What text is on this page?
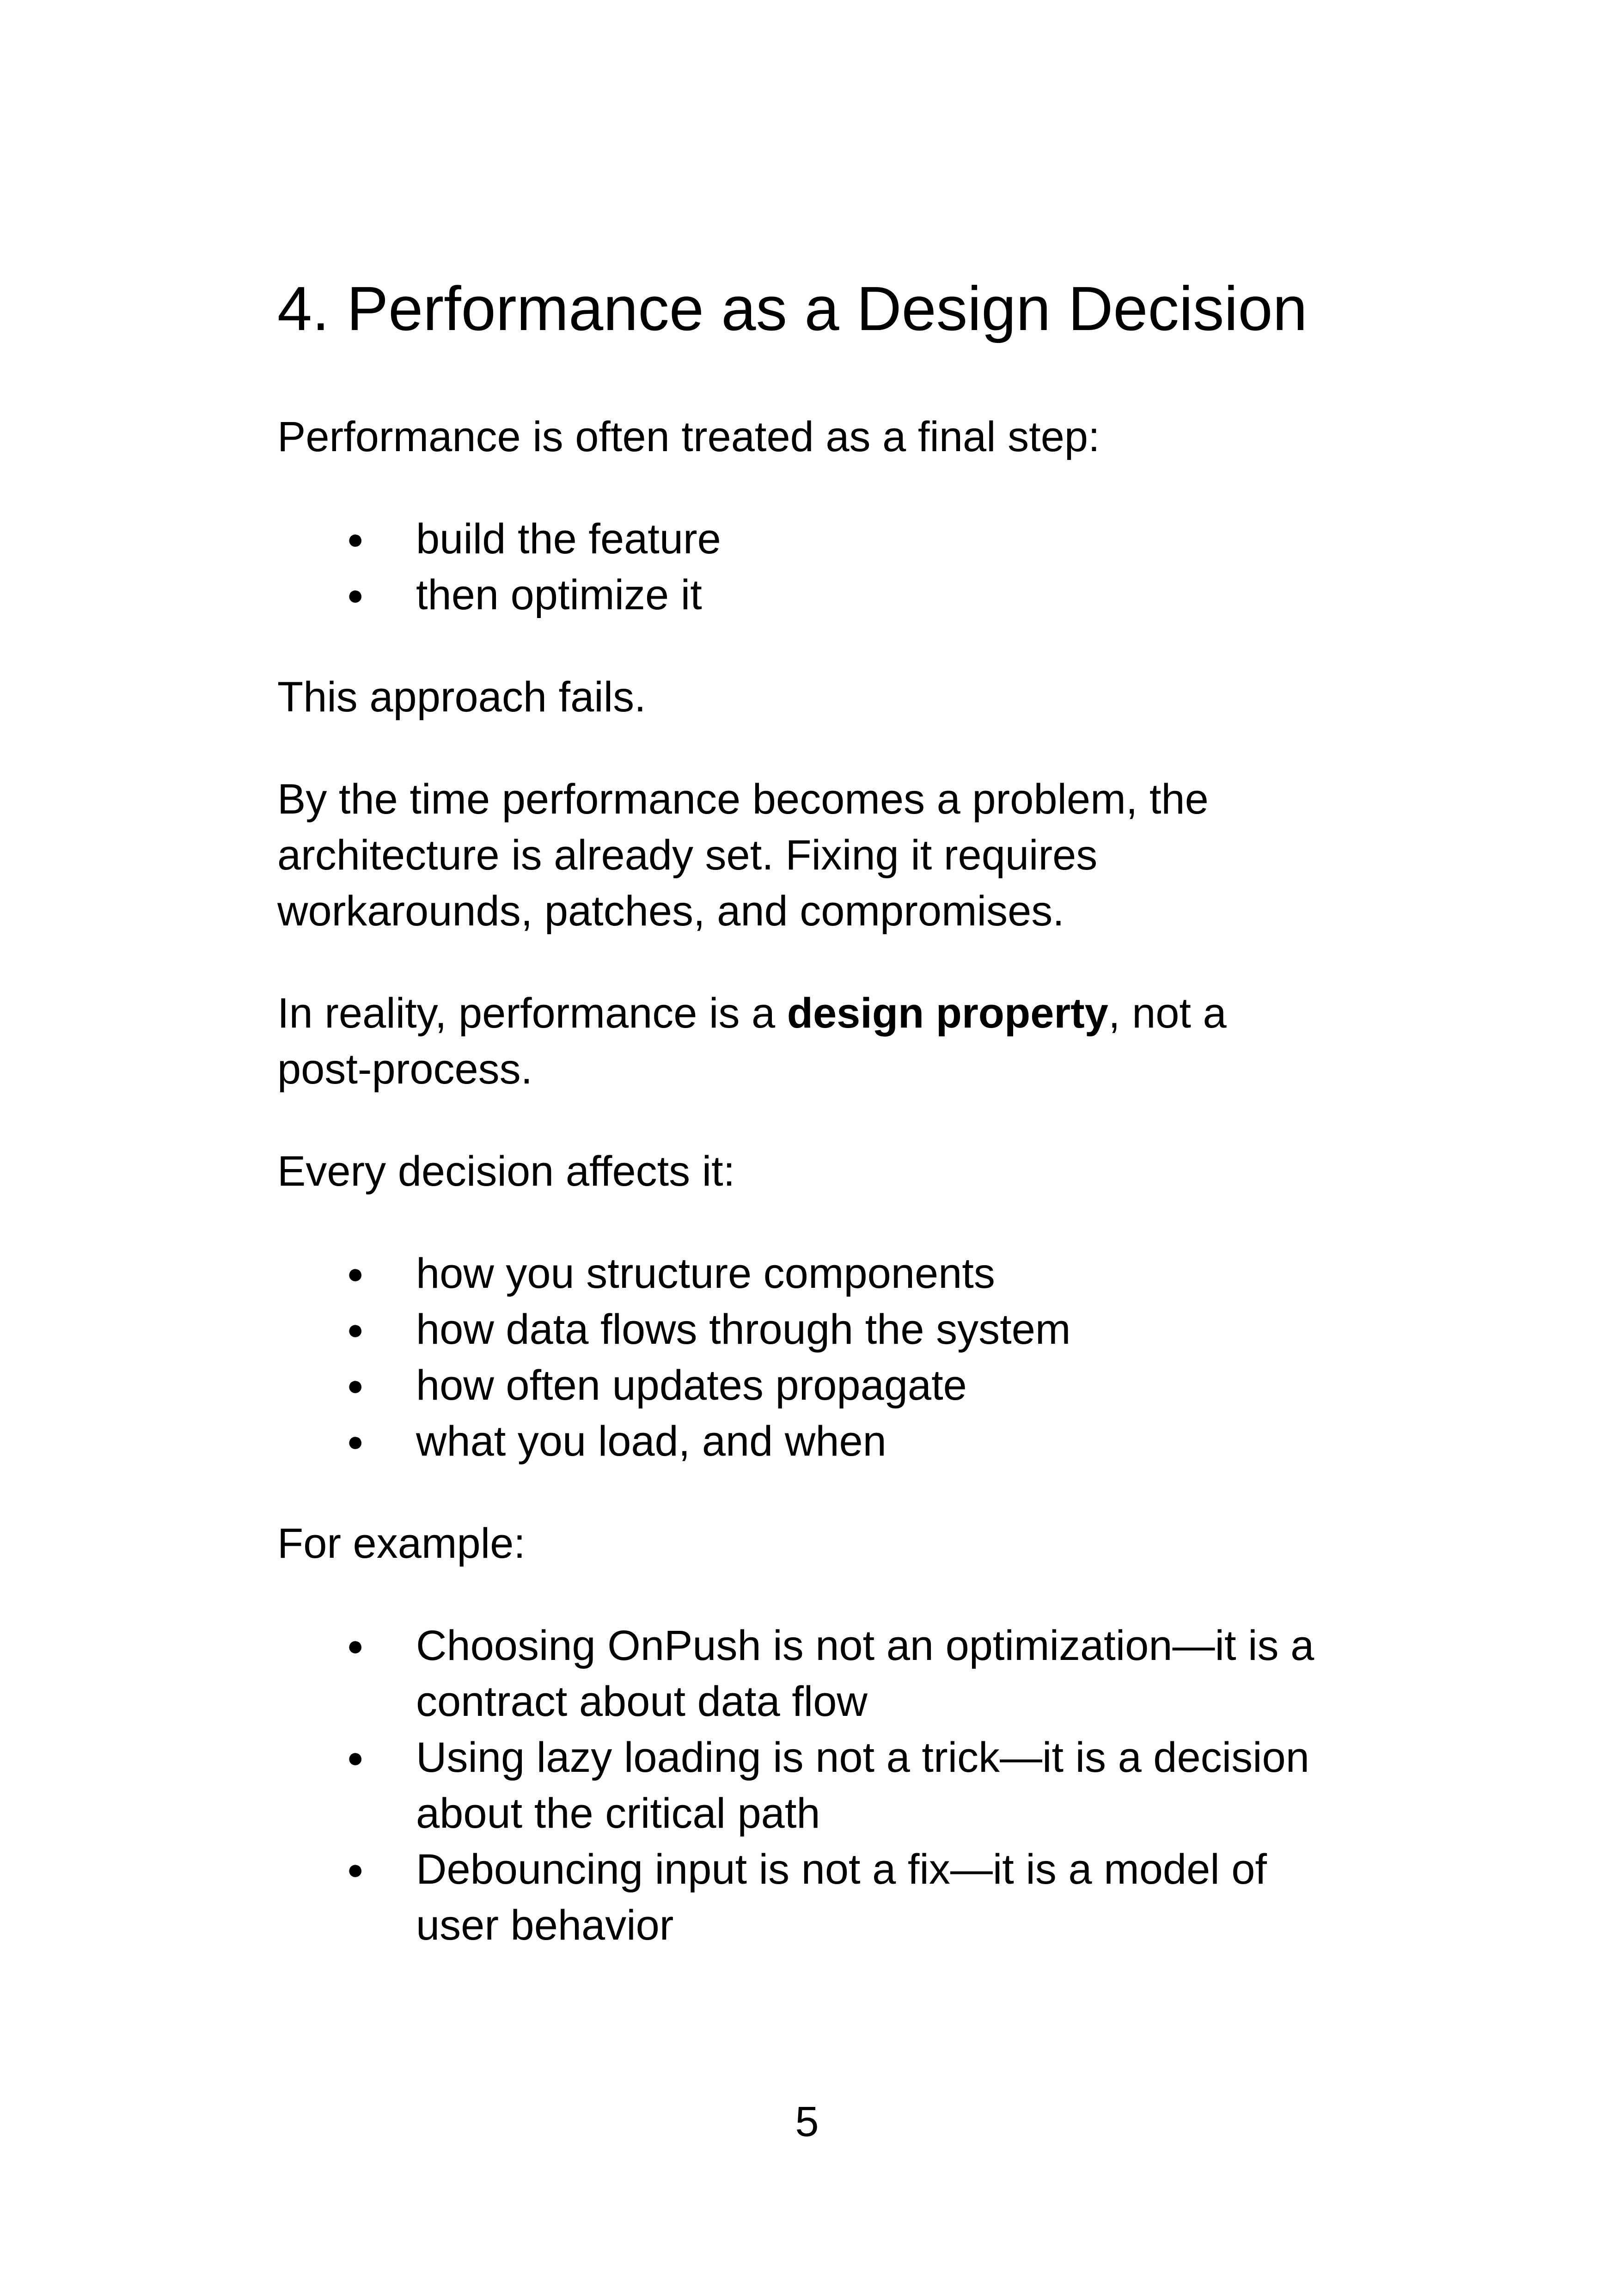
4. Performance as a Design Decision

Performance is often treated as a final step:

● build the feature
● then optimize it

This approach fails.

By the time performance becomes a problem, the
architecture is already set. Fixing it requires
workarounds, patches, and compromises.

In reality, performance is a design property, not a
post-process.

Every decision affects it:

● how you structure components
● how data flows through the system
● how often updates propagate
● what you load, and when

For example:

● Choosing OnPush is not an optimization—it is a
contract about data flow
● Using lazy loading is not a trick—it is a decision
about the critical path
● Debouncing input is not a fix—it is a model of
user behavior
5
